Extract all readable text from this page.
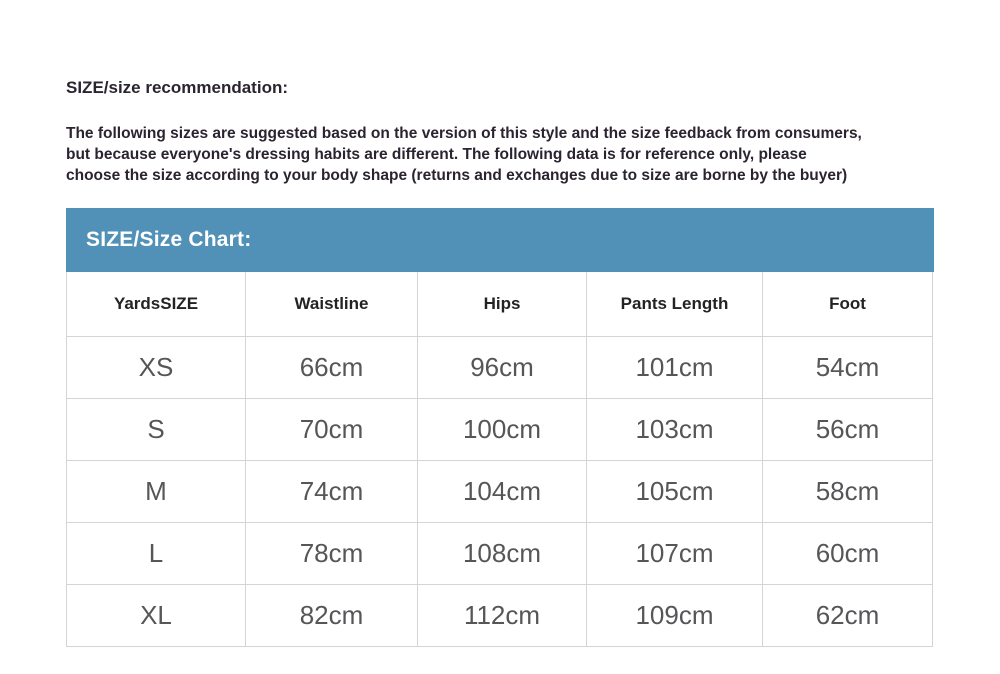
SIZE/size recommendation:
The following sizes are suggested based on the version of this style and the size feedback from consumers,
but because everyone's dressing habits are different. The following data is for reference only, please
choose the size according to your body shape (returns and exchanges due to size are borne by the buyer)
SIZE/Size Chart:
YardsSIZE	Waistline	Hips	Pants Length	Foot
XS	66cm	96cm	101cm	54cm
S	70cm	100cm	103cm	56cm
M	74cm	104cm	105cm	58cm
L	78cm	108cm	107cm	60cm
XL	82cm	112cm	109cm	62cm
